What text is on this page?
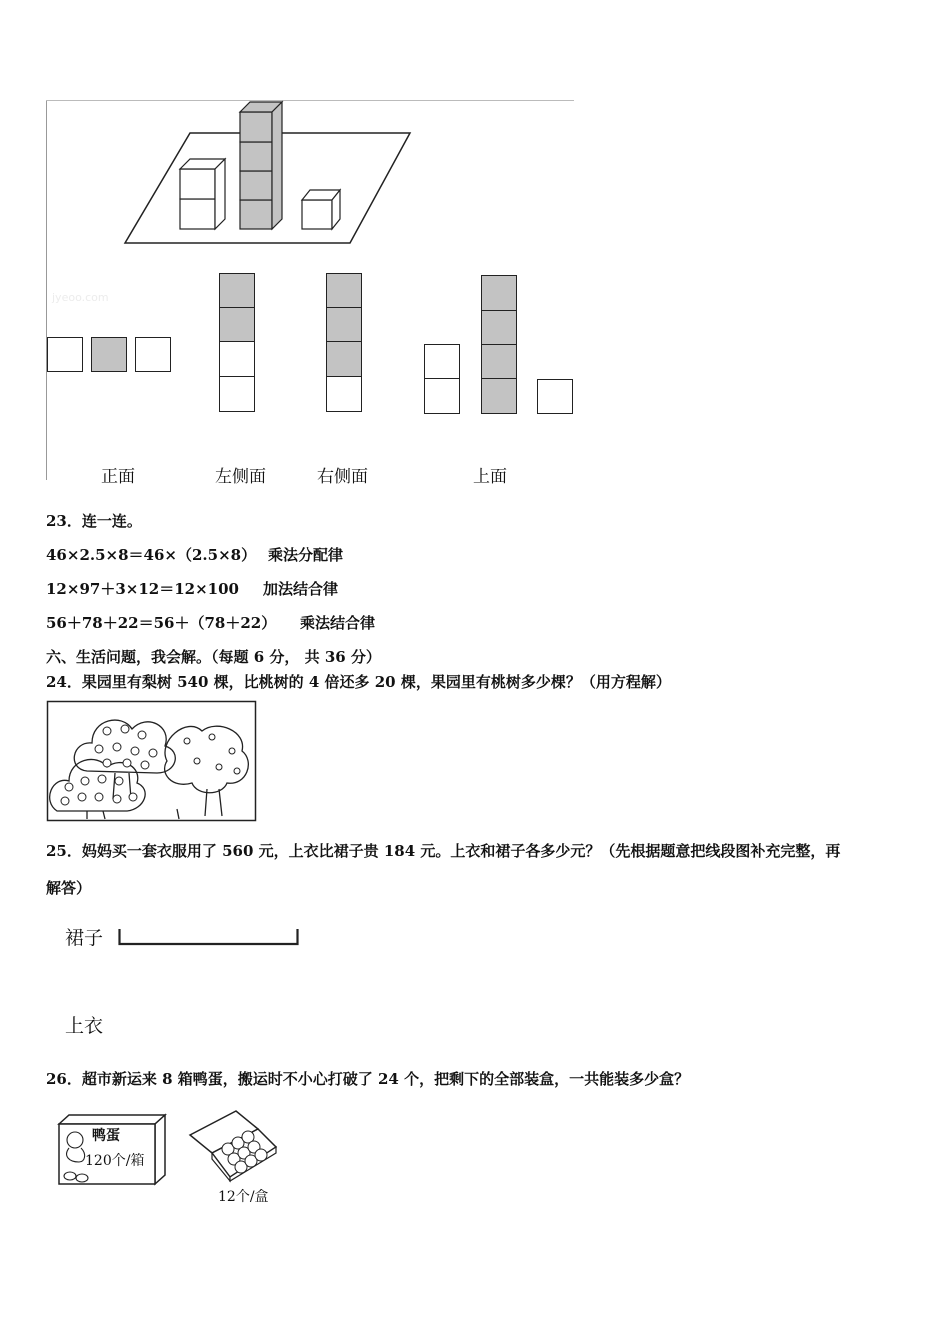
jyeoo.com
正面	左侧面	右侧面	上面
23．连一连。
46×2.5×8＝46×（2.5×8） 乘法分配律
12×97＋3×12＝12×100 加法结合律
56＋78＋22＝56＋（78＋22） 乘法结合律
六、生活问题，我会解。（每题 6 分， 共 36 分）
24．果园里有梨树 540 棵，比桃树的 4 倍还多 20 棵，果园里有桃树多少棵？（用方程解）
25．妈妈买一套衣服用了 560 元，上衣比裙子贵 184 元。上衣和裙子各多少元？（先根据题意把线段图补充完整，再
解答）
裙子
上衣
26．超市新运来 8 箱鸭蛋，搬运时不小心打破了 24 个，把剩下的全部装盒，一共能装多少盒？
鸭蛋
120个/箱
12个/盒
